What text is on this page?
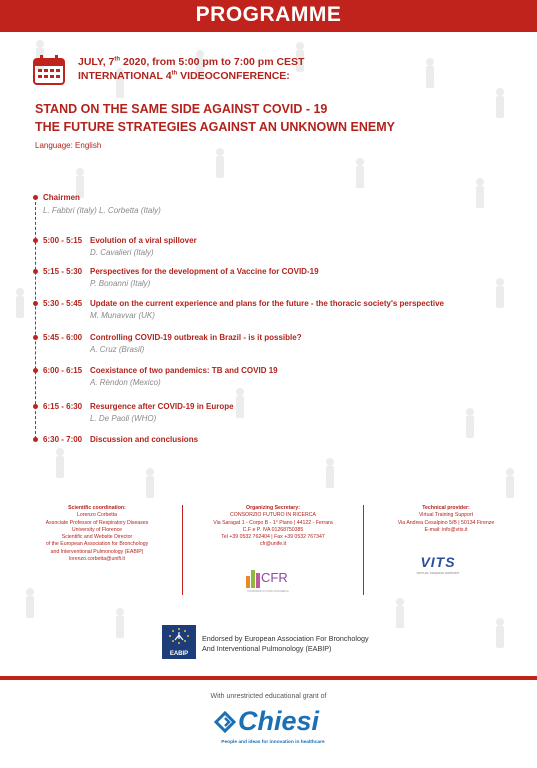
PROGRAMME
JULY, 7th 2020, from 5:00 pm to 7:00 pm CEST
INTERNATIONAL 4th VIDEOCONFERENCE:
STAND ON THE SAME SIDE AGAINST COVID - 19
THE FUTURE STRATEGIES AGAINST AN UNKNOWN ENEMY
Language: English
Chairmen
L. Fabbri (Italy) L. Corbetta (Italy)
5:00 - 5:15 Evolution of a viral spillover
D. Cavalieri (Italy)
5:15 - 5:30 Perspectives for the development of a Vaccine for COVID-19
P. Bonanni (Italy)
5:30 - 5:45 Update on the current experience and plans for the future - the thoracic society's perspective
M. Munavvar (UK)
5:45 - 6:00 Controlling COVID-19 outbreak in Brazil - is it possible?
A. Cruz (Brasil)
6:00 - 6:15 Coexistance of two pandemics: TB and COVID 19
A. Rèndon (Mexico)
6:15 - 6:30 Resurgence after COVID-19 in Europe
L. De Paoli (WHO)
6:30 - 7:00 Discussion and conclusions
Scientific coordination:
Lorenzo Corbetta
Associate Professor of Respiratory Diseases
University of Florence
Scientific and Website Director
of the European Association for Bronchology
and Interventional Pulmonology (EABIP)
lorenzo.corbetta@unifi.it
Organizing Secretary:
CONSORZIO FUTURO IN RICERCA
Via Saragat 1 - Corpo B - 1° Piano | 44122 - Ferrara
C.F e P. IVA 01268750385
Tel +39 0532 762404 | Fax +39 0532 767347
cfr@unife.it
Technical provider:
Virtual Training Support
Via Andrea Cesalpino 5/B | 50134 Firenze
E-mail: info@vits.it
CFR
CONSORZIO FUTURO IN RICERCA
VITS
VIRTUAL TRAINING SUPPORT
EABIP
Endorsed by European Association For Bronchology
And Interventional Pulmonology (EABIP)
With unrestricted educational grant of
Chiesi
People and ideas for innovation in healthcare
